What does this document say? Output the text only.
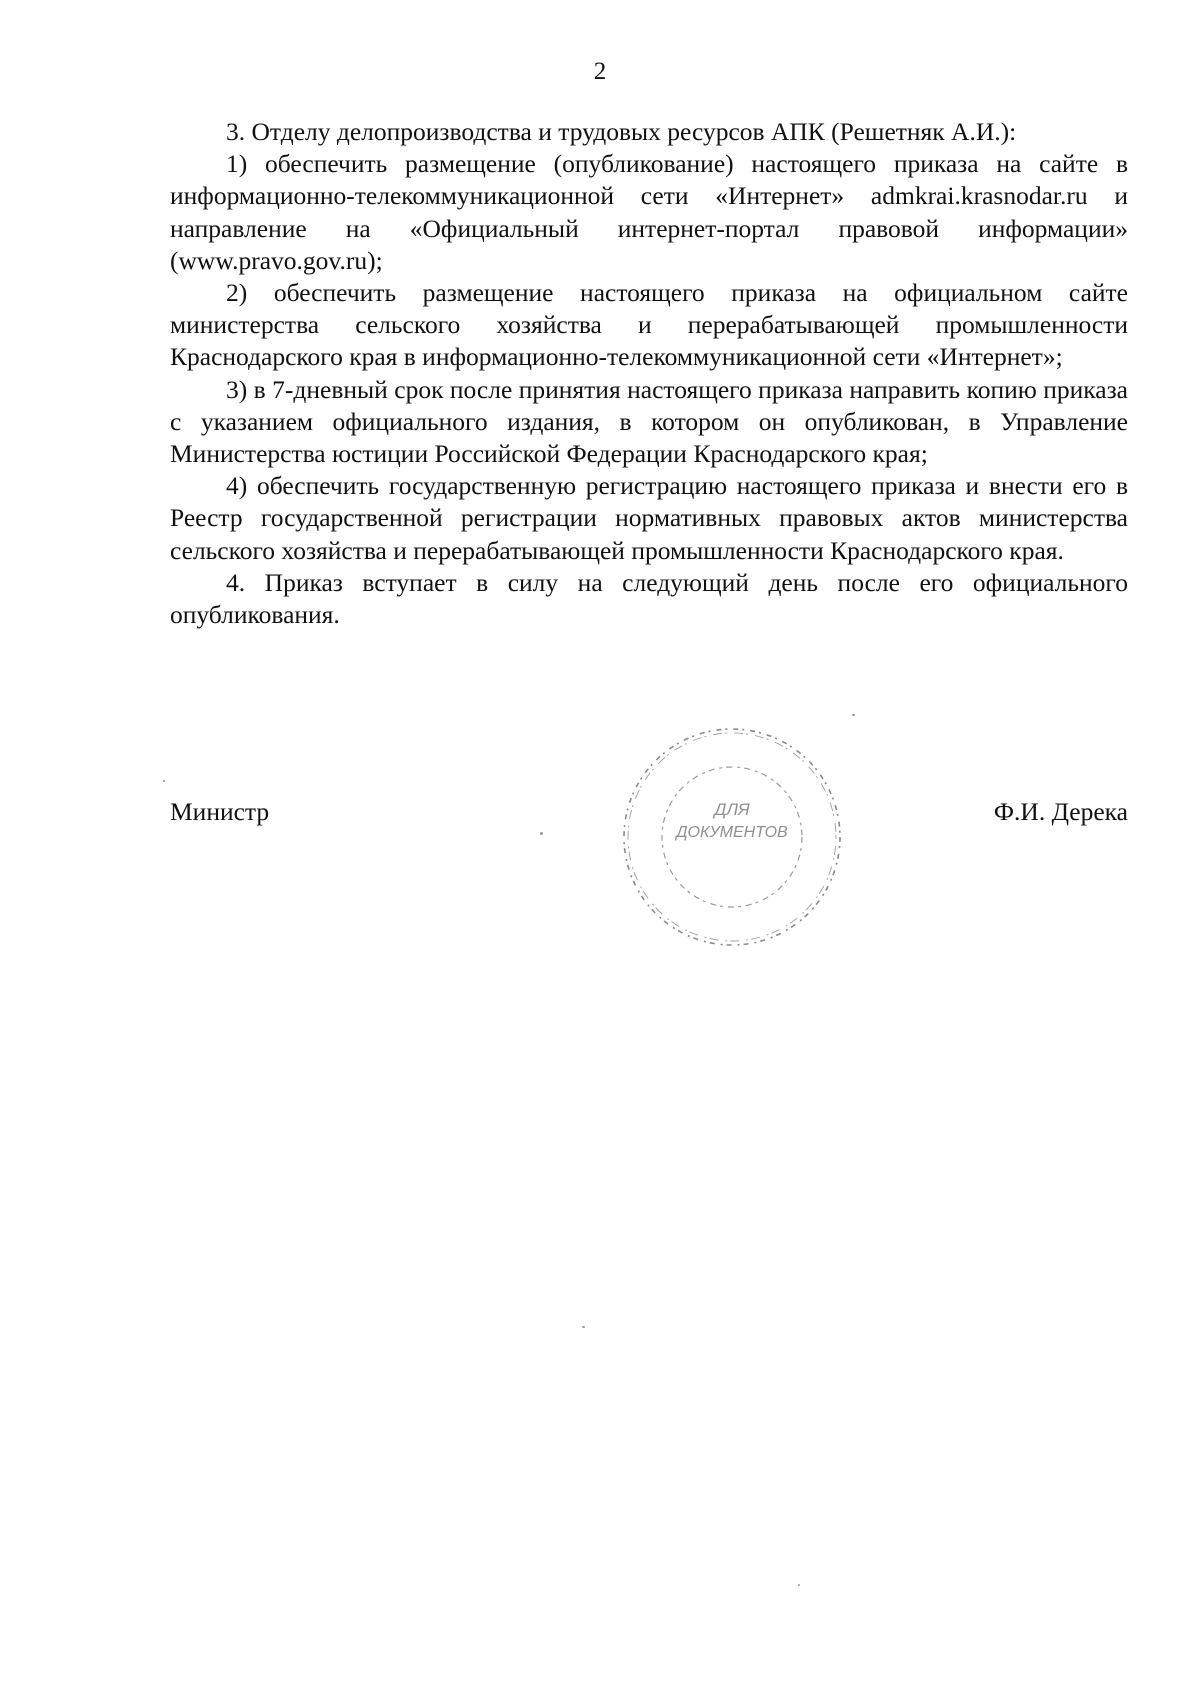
2

3. Отделу делопроизводства и трудовых ресурсов АПК (Решетняк А.И.):

1) обеспечить размещение (опубликование) настоящего приказа на сайте в информационно-телекоммуникационной сети «Интернет» admkrai.krasnodar.ru и направление на «Официальный интернет-портал правовой информации» (www.pravo.gov.ru);

2) обеспечить размещение настоящего приказа на официальном сайте министерства сельского хозяйства и перерабатывающей промышленности Краснодарского края в информационно-телекоммуникационной сети «Интернет»;

3) в 7-дневный срок после принятия настоящего приказа направить копию приказа с указанием официального издания, в котором он опубликован, в Управление Министерства юстиции Российской Федерации Краснодарского края;

4) обеспечить государственную регистрацию настоящего приказа и внести его в Реестр государственной регистрации нормативных правовых актов министерства сельского хозяйства и перерабатывающей промышленности Краснодарского края.

4. Приказ вступает в силу на следующий день после его официального опубликования.

Министр	Ф.И. Дерека
ДЛЯ
ДОКУМЕНТОВ
